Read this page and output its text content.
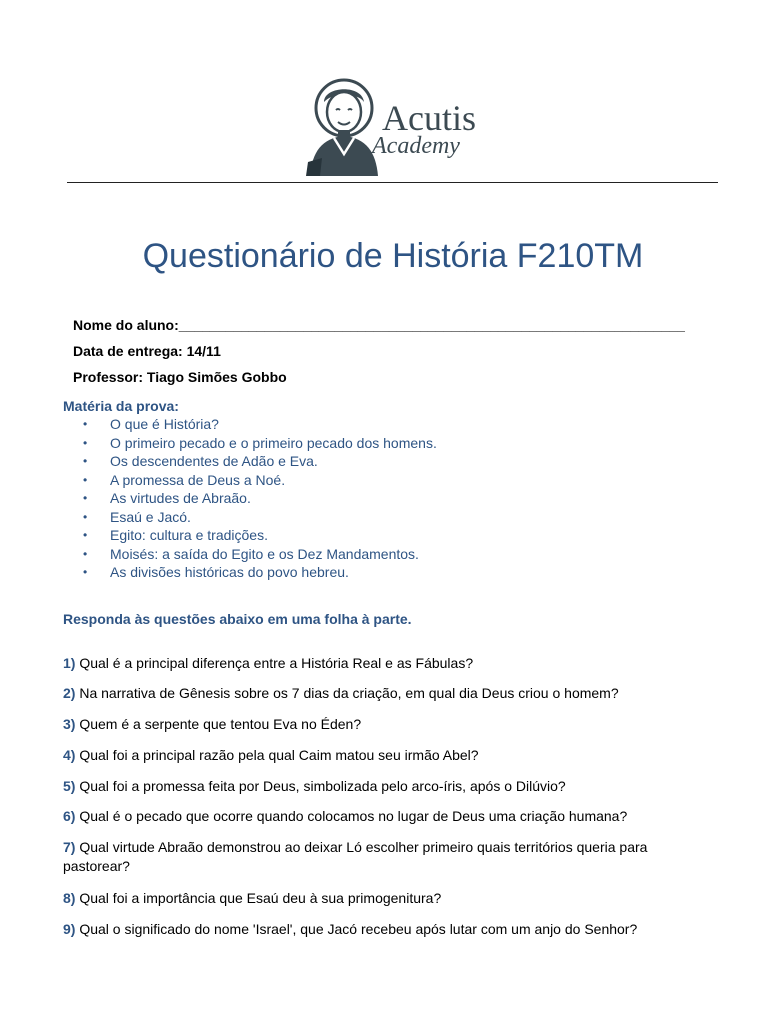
Acutis
Academy
Questionário de História F210TM
Nome do aluno:_________________________________________________________________
Data de entrega: 14/11
Professor: Tiago Simões Gobbo
Matéria da prova:
•	O que é História?
•	O primeiro pecado e o primeiro pecado dos homens.
•	Os descendentes de Adão e Eva.
•	A promessa de Deus a Noé.
•	As virtudes de Abraão.
•	Esaú e Jacó.
•	Egito: cultura e tradições.
•	Moisés: a saída do Egito e os Dez Mandamentos.
•	As divisões históricas do povo hebreu.
Responda às questões abaixo em uma folha à parte.
1) Qual é a principal diferença entre a História Real e as Fábulas?
2) Na narrativa de Gênesis sobre os 7 dias da criação, em qual dia Deus criou o homem?
3) Quem é a serpente que tentou Eva no Éden?
4) Qual foi a principal razão pela qual Caim matou seu irmão Abel?
5) Qual foi a promessa feita por Deus, simbolizada pelo arco-íris, após o Dilúvio?
6) Qual é o pecado que ocorre quando colocamos no lugar de Deus uma criação humana?
7) Qual virtude Abraão demonstrou ao deixar Ló escolher primeiro quais territórios queria para pastorear?
8) Qual foi a importância que Esaú deu à sua primogenitura?
9) Qual o significado do nome 'Israel', que Jacó recebeu após lutar com um anjo do Senhor?
